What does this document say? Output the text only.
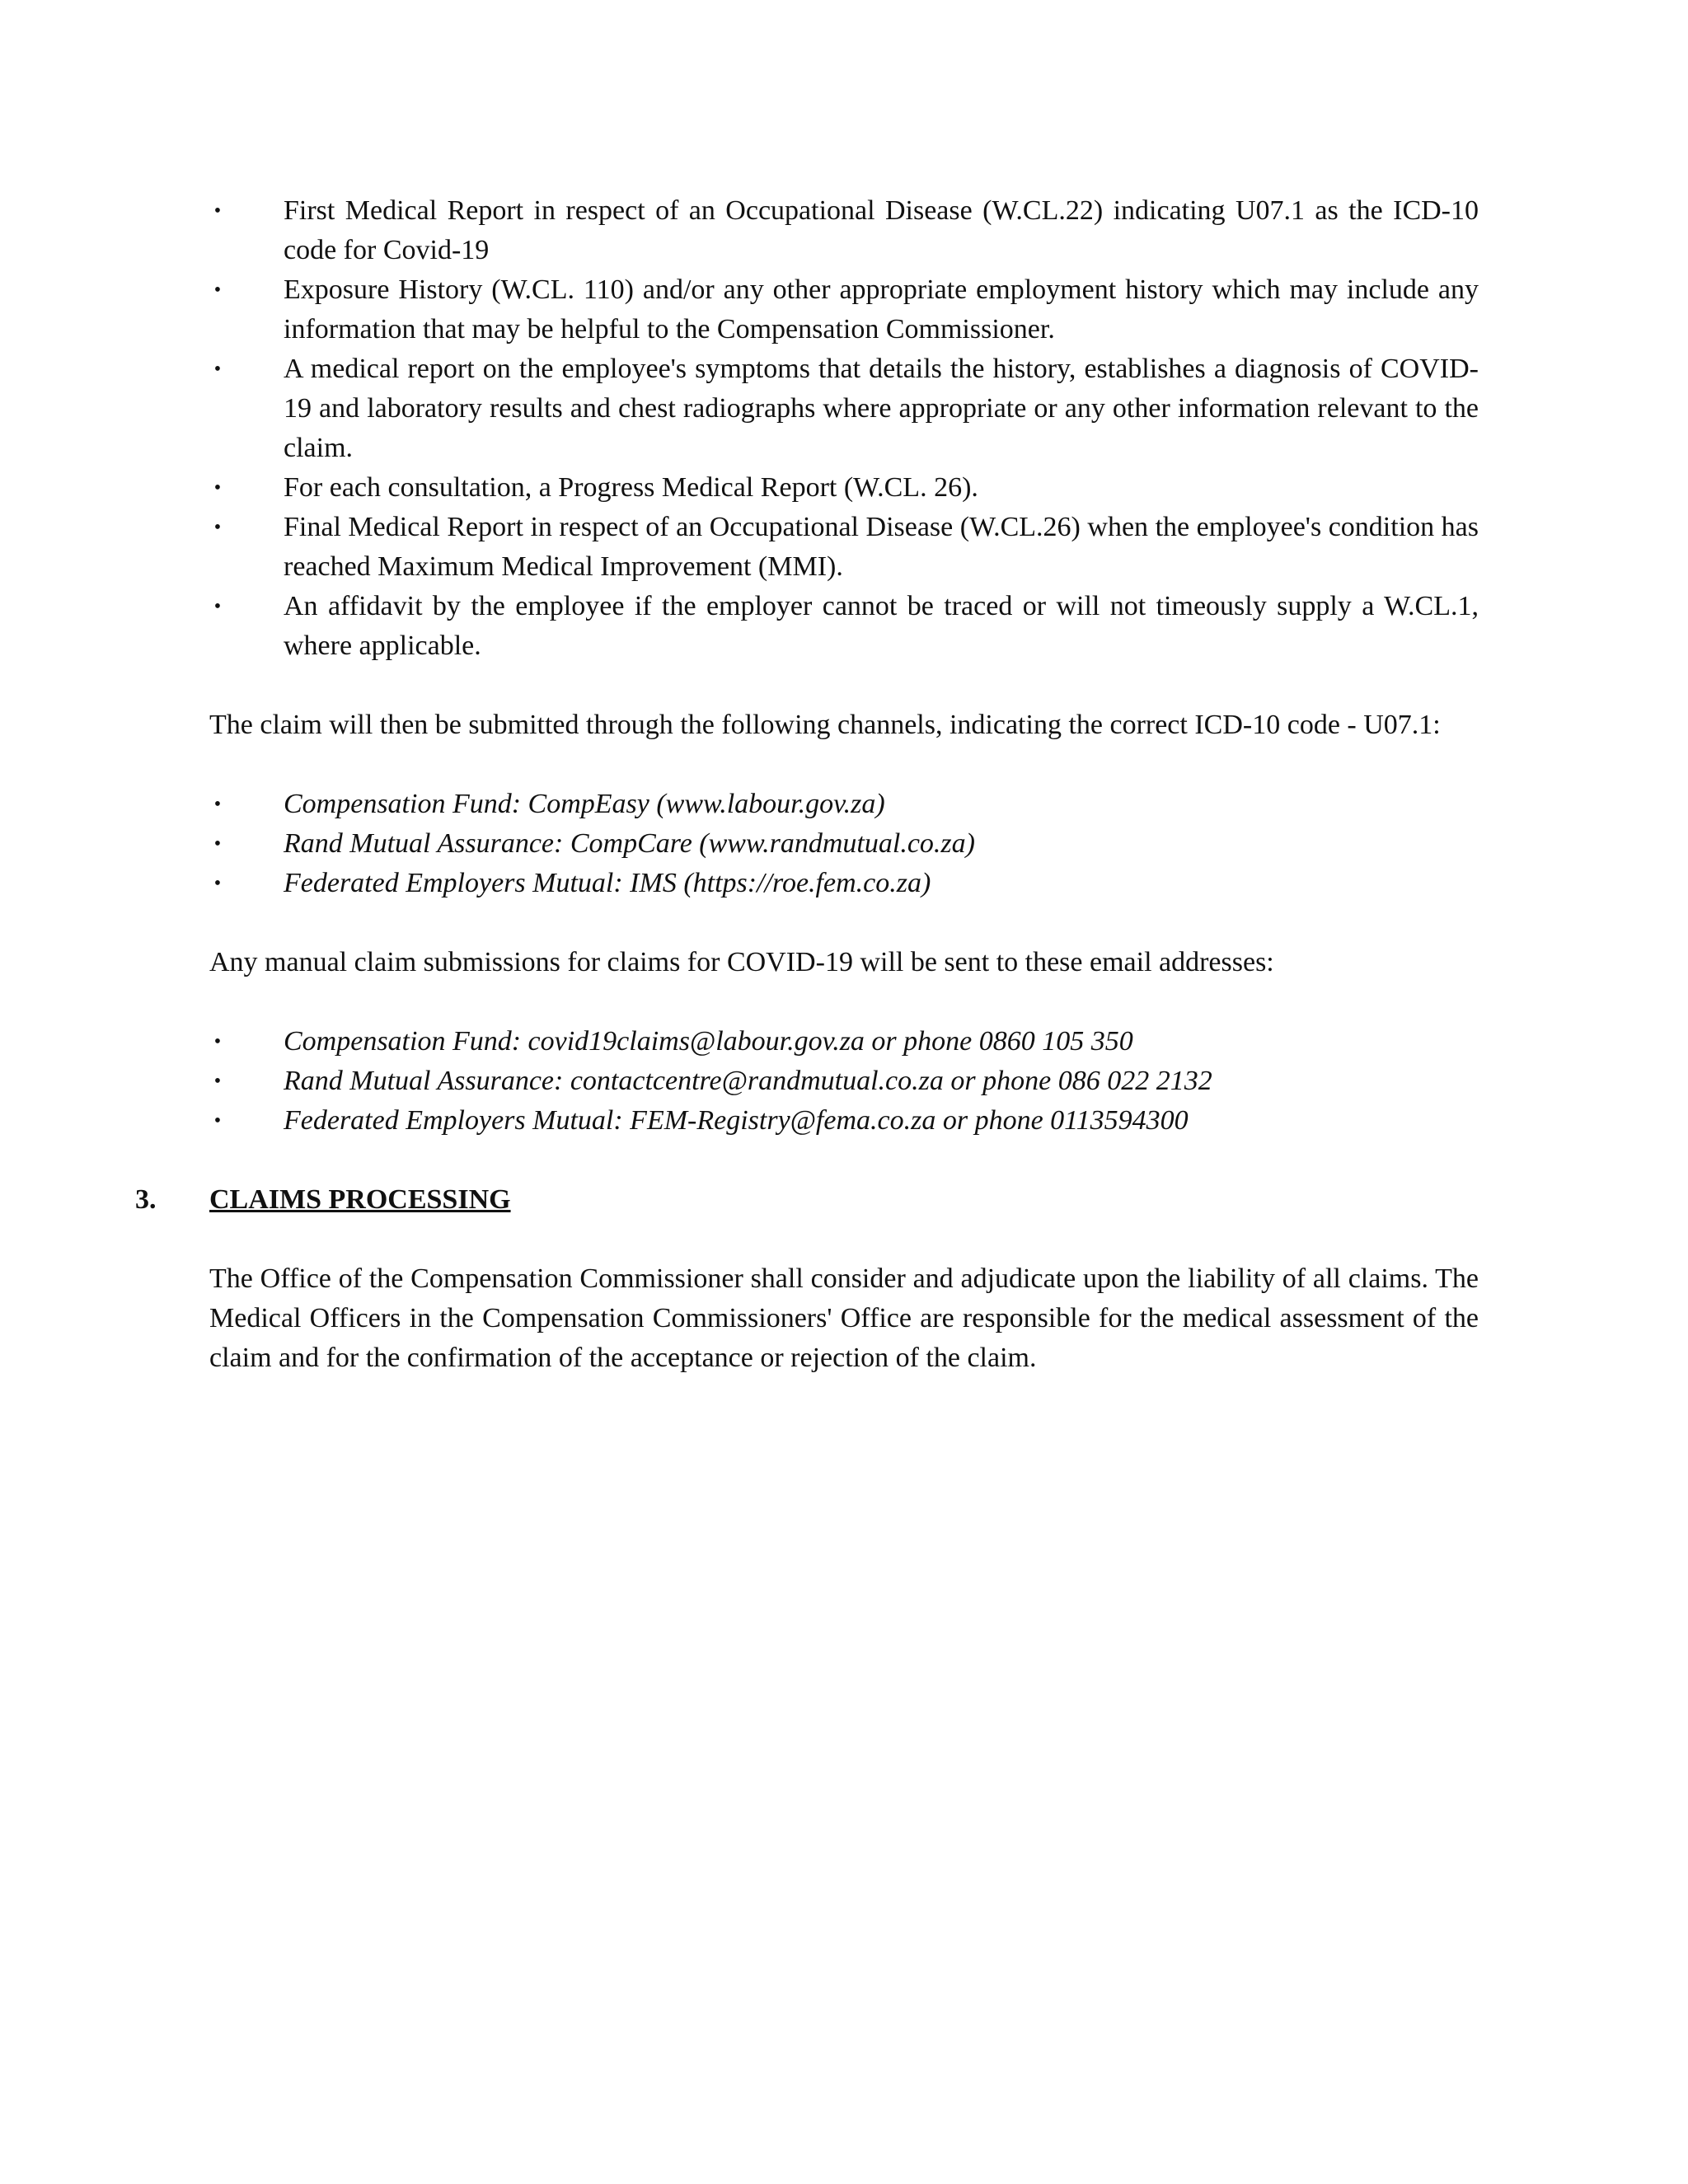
• First Medical Report in respect of an Occupational Disease (W.CL.22) indicating U07.1 as the ICD-10 code for Covid-19
• Exposure History (W.CL. 110) and/or any other appropriate employment history which may include any information that may be helpful to the Compensation Commissioner.
• A medical report on the employee's symptoms that details the history, establishes a diagnosis of COVID-19 and laboratory results and chest radiographs where appropriate or any other information relevant to the claim.
• For each consultation, a Progress Medical Report (W.CL. 26).
• Final Medical Report in respect of an Occupational Disease (W.CL.26) when the employee's condition has reached Maximum Medical Improvement (MMI).
• An affidavit by the employee if the employer cannot be traced or will not timeously supply a W.CL.1, where applicable.

The claim will then be submitted through the following channels, indicating the correct ICD-10 code - U07.1:

• Compensation Fund: CompEasy (www.labour.gov.za)
• Rand Mutual Assurance: CompCare (www.randmutual.co.za)
• Federated Employers Mutual: IMS (https://roe.fem.co.za)

Any manual claim submissions for claims for COVID-19 will be sent to these email addresses:

• Compensation Fund: covid19claims@labour.gov.za or phone 0860 105 350
• Rand Mutual Assurance: contactcentre@randmutual.co.za or phone 086 022 2132
• Federated Employers Mutual: FEM-Registry@fema.co.za or phone 0113594300
3. CLAIMS PROCESSING

The Office of the Compensation Commissioner shall consider and adjudicate upon the liability of all claims. The Medical Officers in the Compensation Commissioners' Office are responsible for the medical assessment of the claim and for the confirmation of the acceptance or rejection of the claim.
